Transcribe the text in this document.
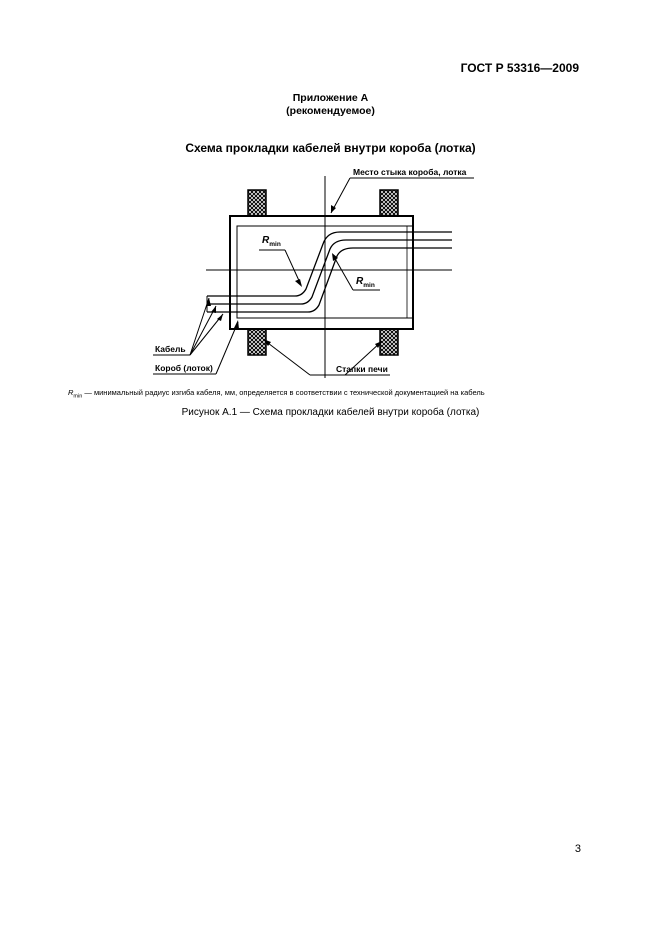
ГОСТ Р 53316—2009
Приложение А
(рекомендуемое)
Схема прокладки кабелей внутри короба (лотка)
Место стыка короба, лотка
Rmin
Rmin
Кабель
Короб (лоток)	Стапки печи
$R_{min}$ — минимальный радиус изгиба кабеля, мм, определяется в соответствии с технической документацией на кабель
Рисунок А.1 — Схема прокладки кабелей внутри короба (лотка)
3
